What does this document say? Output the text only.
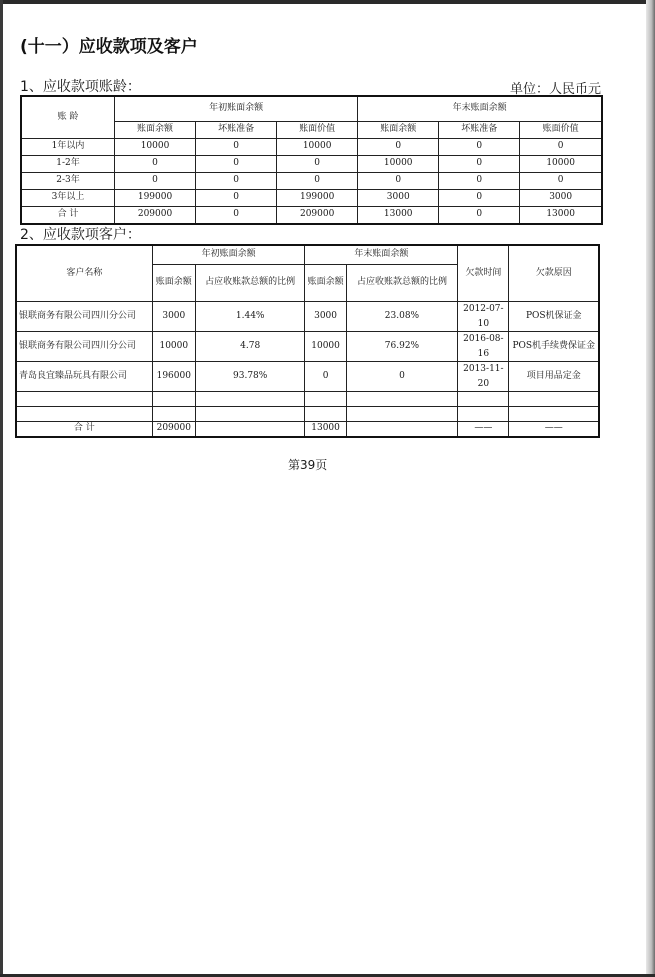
(十一）应收款项及客户
1、应收款项账龄：	单位：人民币元
账 龄	年初账面余额			年末账面余额		
	账面余额	坏账准备	账面价值	账面余额	坏账准备	账面价值
1年以内	10000	0	10000	0	0	0
1-2年	0	0	0	10000	0	10000
2-3年	0	0	0	0	0	0
3年以上	199000	0	199000	3000	0	3000
合 计	209000	0	209000	13000	0	13000
2、应收款项客户：
客户名称	年初账面余额		年末账面余额		欠款时间	欠款原因
	账面余额	占应收账款总额的比例	账面余额	占应收账款总额的比例		
银联商务有限公司四川分公司	3000	1.44%	3000	23.08%	2012-07-10	POS机保证金
银联商务有限公司四川分公司	10000	4.78	10000	76.92%	2016-08-16	POS机手续费保证金
青岛良宜臻品玩具有限公司	196000	93.78%	0	0	2013-11-20	项目用品定金

合 计	209000		13000		——	——
第39页
